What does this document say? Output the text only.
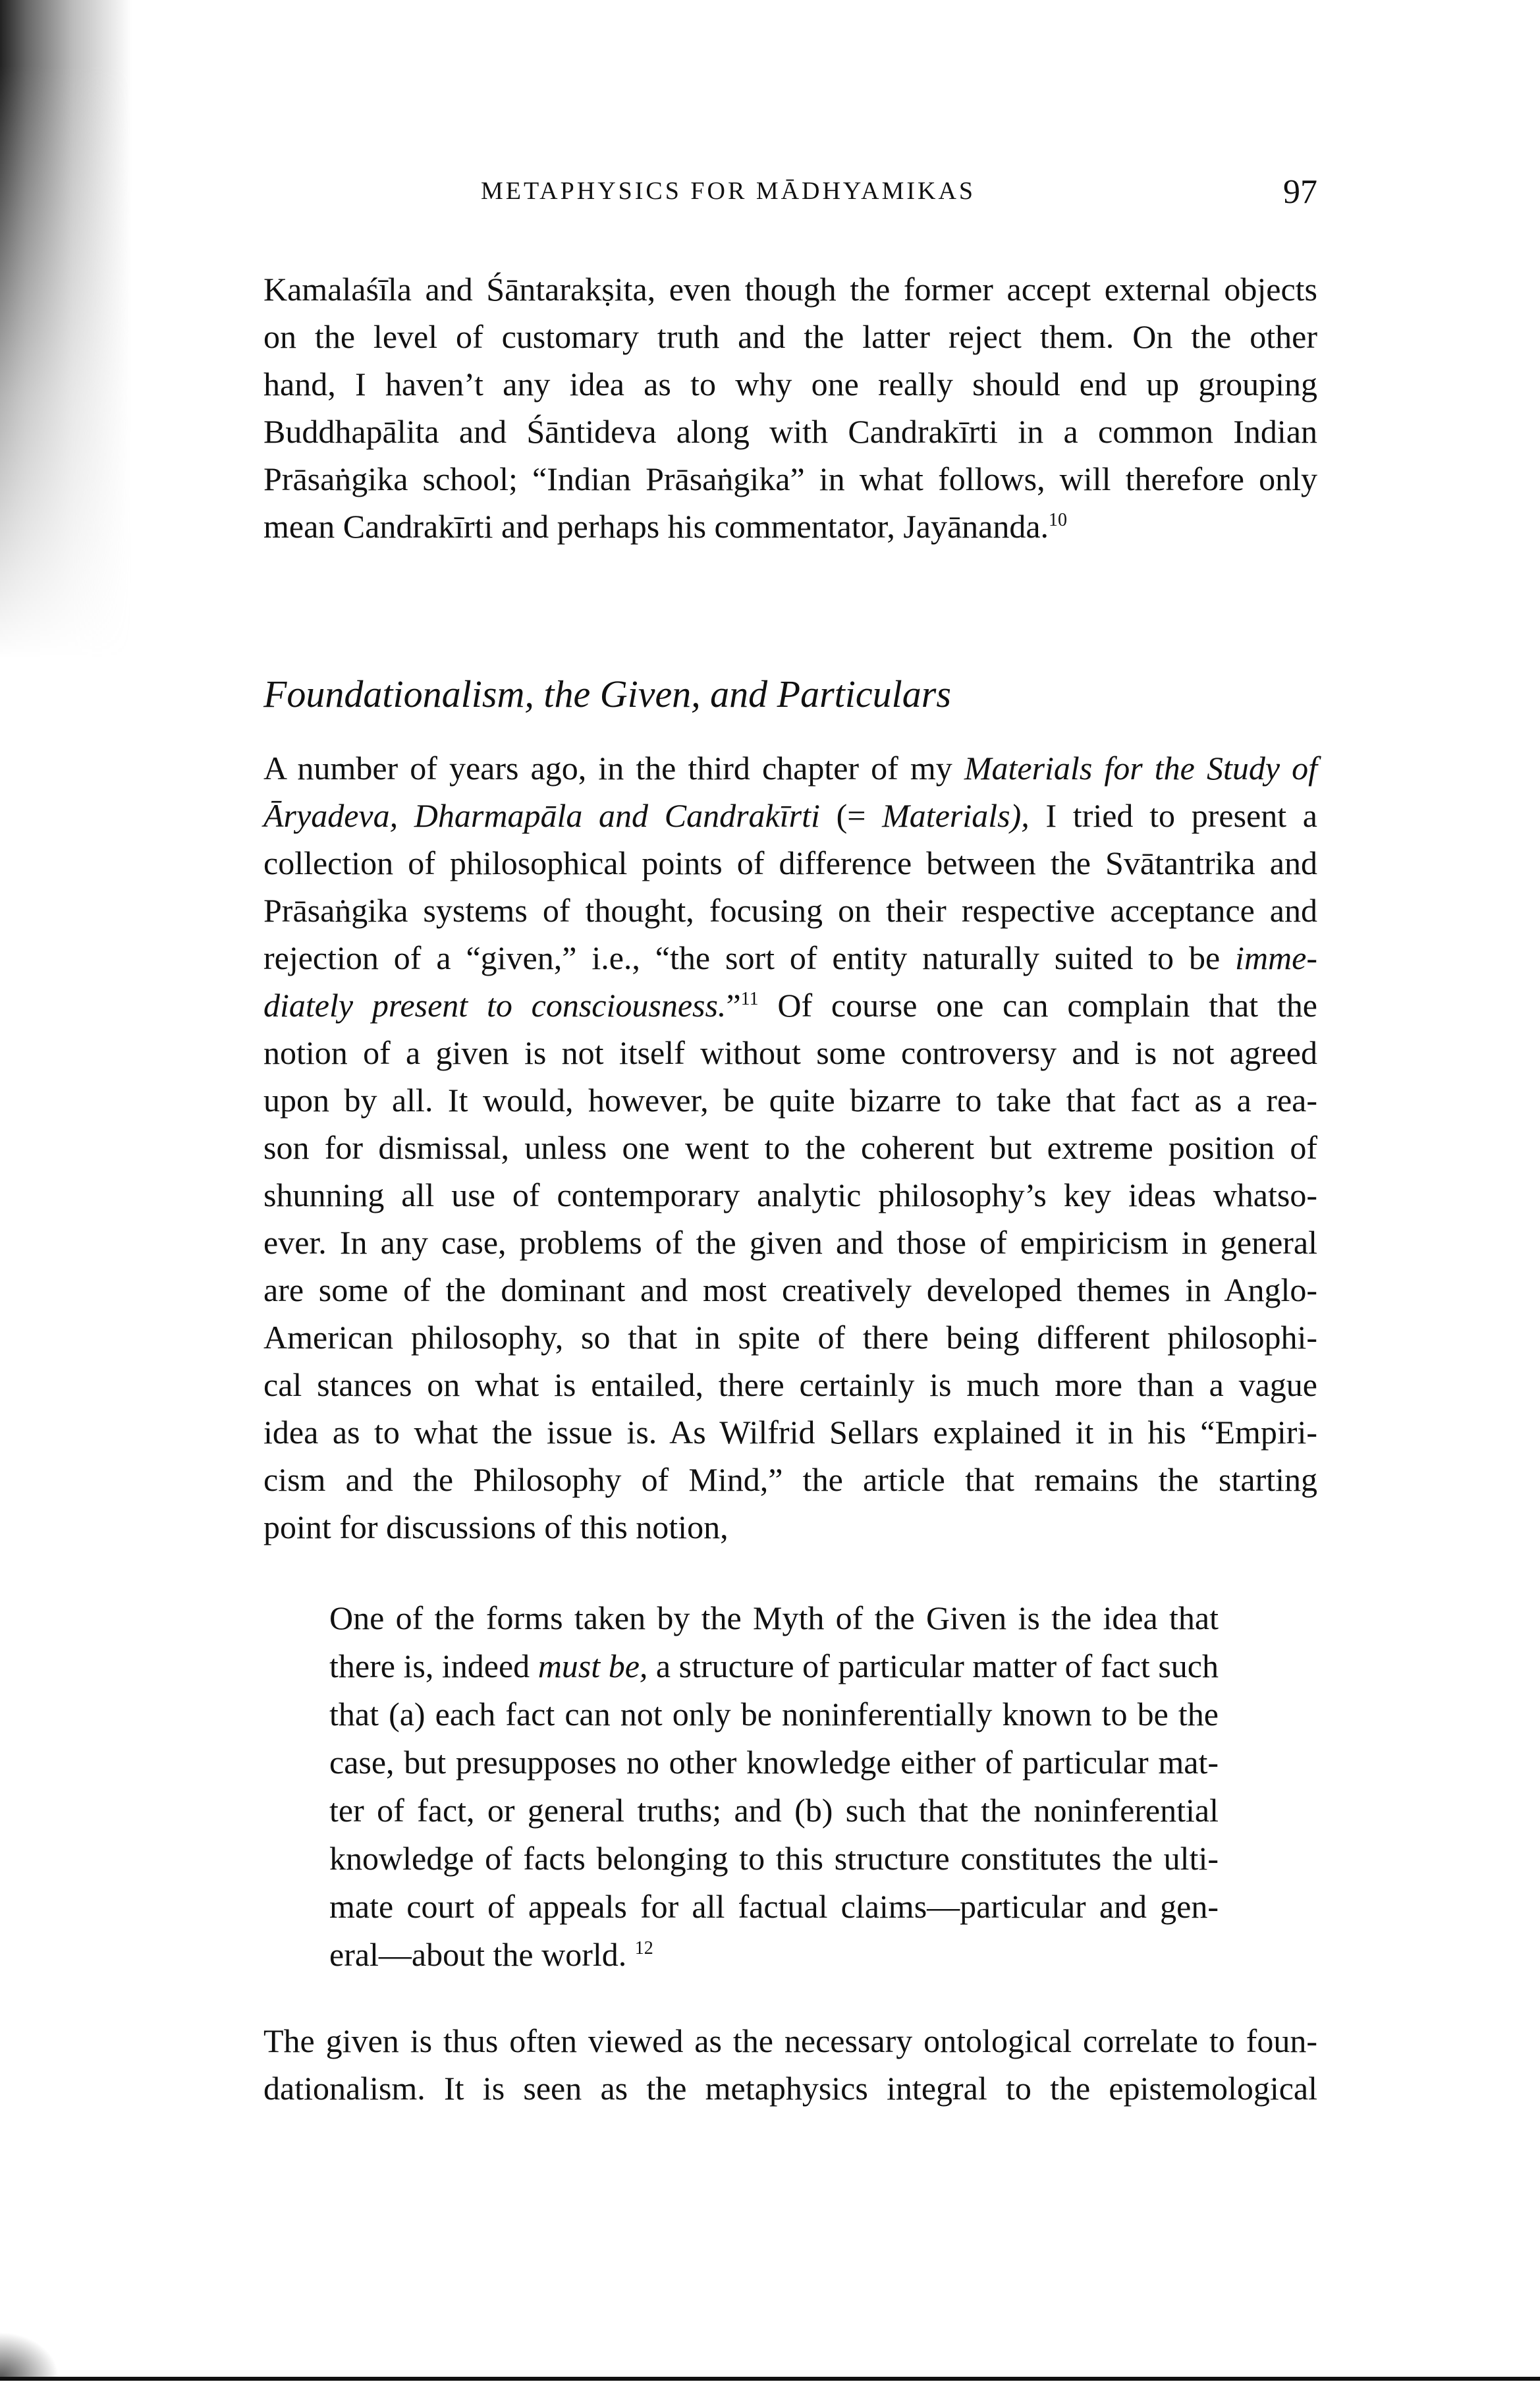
METAPHYSICS FOR MĀDHYAMIKAS	97
Kamalaśīla and Śāntarakṣita, even though the former accept external objects
on the level of customary truth and the latter reject them. On the other
hand, I haven’t any idea as to why one really should end up grouping
Buddhapālita and Śāntideva along with Candrakīrti in a common Indian
Prāsaṅgika school; “Indian Prāsaṅgika” in what follows, will therefore only
mean Candrakīrti and perhaps his commentator, Jayānanda.$^{10}$
Foundationalism, the Given, and Particulars
A number of years ago, in the third chapter of my Materials for the Study of
Āryadeva, Dharmapāla and Candrakīrti (= Materials), I tried to present a
collection of philosophical points of difference between the Svātantrika and
Prāsaṅgika systems of thought, focusing on their respective acceptance and
rejection of a “given,” i.e., “the sort of entity naturally suited to be imme-
diately present to consciousness.”$^{11}$ Of course one can complain that the
notion of a given is not itself without some controversy and is not agreed
upon by all. It would, however, be quite bizarre to take that fact as a rea-
son for dismissal, unless one went to the coherent but extreme position of
shunning all use of contemporary analytic philosophy’s key ideas whatso-
ever. In any case, problems of the given and those of empiricism in general
are some of the dominant and most creatively developed themes in Anglo-
American philosophy, so that in spite of there being different philosophi-
cal stances on what is entailed, there certainly is much more than a vague
idea as to what the issue is. As Wilfrid Sellars explained it in his “Empiri-
cism and the Philosophy of Mind,” the article that remains the starting
point for discussions of this notion,
One of the forms taken by the Myth of the Given is the idea that
there is, indeed must be, a structure of particular matter of fact such
that (a) each fact can not only be noninferentially known to be the
case, but presupposes no other knowledge either of particular mat-
ter of fact, or general truths; and (b) such that the noninferential
knowledge of facts belonging to this structure constitutes the ulti-
mate court of appeals for all factual claims—particular and gen-
eral—about the world. $^{12}$
The given is thus often viewed as the necessary ontological correlate to foun-
dationalism. It is seen as the metaphysics integral to the epistemological
